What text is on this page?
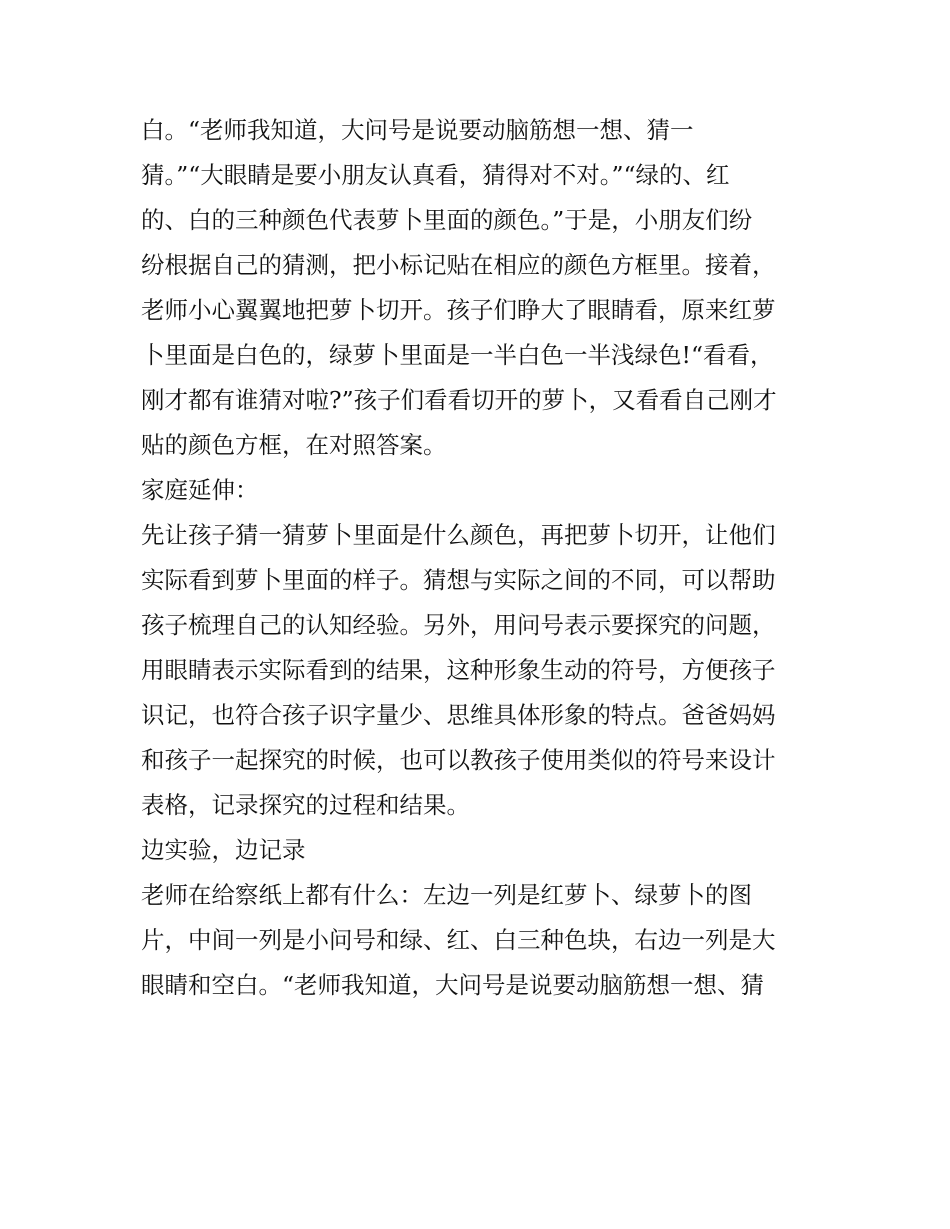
白。“老师我知道，大问号是说要动脑筋想一想、猜一
猜。”“大眼睛是要小朋友认真看，猜得对不对。”“绿的、红
的、白的三种颜色代表萝卜里面的颜色。”于是，小朋友们纷
纷根据自己的猜测，把小标记贴在相应的颜色方框里。接着，
老师小心翼翼地把萝卜切开。孩子们睁大了眼睛看，原来红萝
卜里面是白色的，绿萝卜里面是一半白色一半浅绿色!“看看，
刚才都有谁猜对啦?”孩子们看看切开的萝卜，又看看自己刚才
贴的颜色方框，在对照答案。
家庭延伸：
先让孩子猜一猜萝卜里面是什么颜色，再把萝卜切开，让他们
实际看到萝卜里面的样子。猜想与实际之间的不同，可以帮助
孩子梳理自己的认知经验。另外，用问号表示要探究的问题，
用眼睛表示实际看到的结果，这种形象生动的符号，方便孩子
识记，也符合孩子识字量少、思维具体形象的特点。爸爸妈妈
和孩子一起探究的时候，也可以教孩子使用类似的符号来设计
表格，记录探究的过程和结果。
边实验，边记录
老师在给察纸上都有什么：左边一列是红萝卜、绿萝卜的图
片，中间一列是小问号和绿、红、白三种色块，右边一列是大
眼睛和空白。“老师我知道，大问号是说要动脑筋想一想、猜
